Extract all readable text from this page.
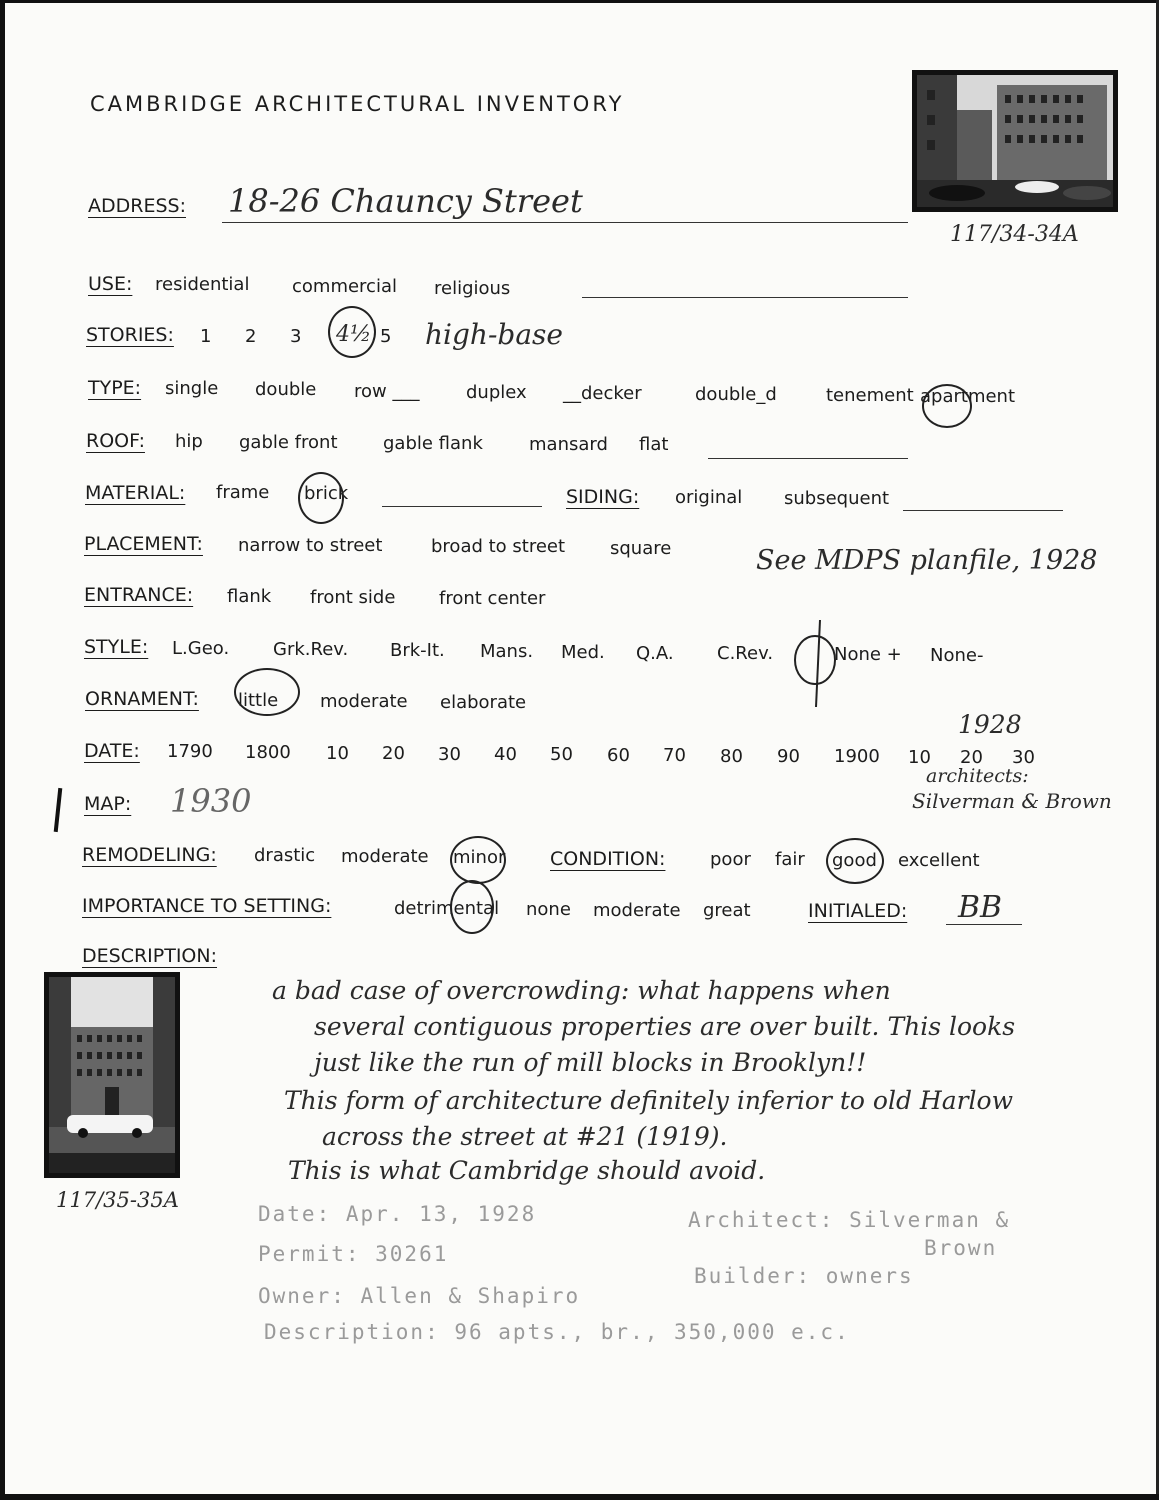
CAMBRIDGE ARCHITECTURAL INVENTORY
117/34-34A
ADDRESS: 18-26 Chauncy Street
USE: residential commercial religious
STORIES: 1 2 3 4½ 5 high-base
TYPE: single double row ___	duplex __decker	double_d	tenement apartment
ROOF: hip gable front	gable flank	mansard flat
MATERIAL: frame brick	SIDING: original subsequent
PLACEMENT: narrow to street	broad to street square
ENTRANCE: flank front side front center
See MDPS planfile, 1928
STYLE: L.Geo. Grk.Rev. Brk-It. Mans. Med. Q.A. C.Rev.	None + None-
ORNAMENT: little moderate elaborate
DATE: 1790 1800 10 20 30 40 50 60 70 80 90 1900 10 20 30
1928
architects:
Silverman & Brown
MAP: 1930
REMODELING: drastic moderate minor CONDITION: poor fair good excellent
IMPORTANCE TO SETTING:	detrimental none moderate great	INITIALED: BB
DESCRIPTION:
117/35-35A
a bad case of overcrowding: what happens when
several contiguous properties are over built. This looks
just like the run of mill blocks in Brooklyn!!
This form of architecture definitely inferior to old Harlow
across the street at #21 (1919).
This is what Cambridge should avoid.
Date: Apr. 13, 1928
Permit: 30261
Owner: Allen & Shapiro
Description: 96 apts., br., 350,000 e.c.
Architect: Silverman &
Brown
Builder: owners
